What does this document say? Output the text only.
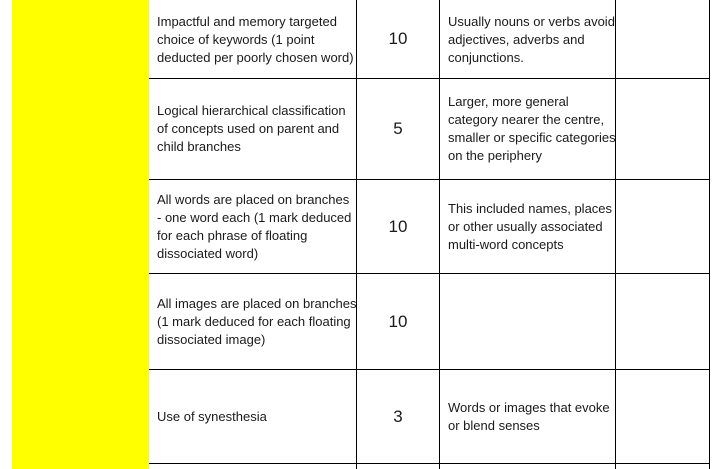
Impactful and memory targeted choice of keywords (1 point deducted per poorly chosen word)
10
Usually nouns or verbs avoid adjectives, adverbs and conjunctions.
Logical hierarchical classification of concepts used on parent and child branches
5
Larger, more general category nearer the centre, smaller or specific categories on the periphery
All words are placed on branches - one word each (1 mark deduced for each phrase of floating dissociated word)
10
This included names, places or other usually associated multi-word concepts
All images are placed on branches (1 mark deduced for each floating dissociated image)
10
Use of synesthesia	3	Words or images that evoke or blend senses
